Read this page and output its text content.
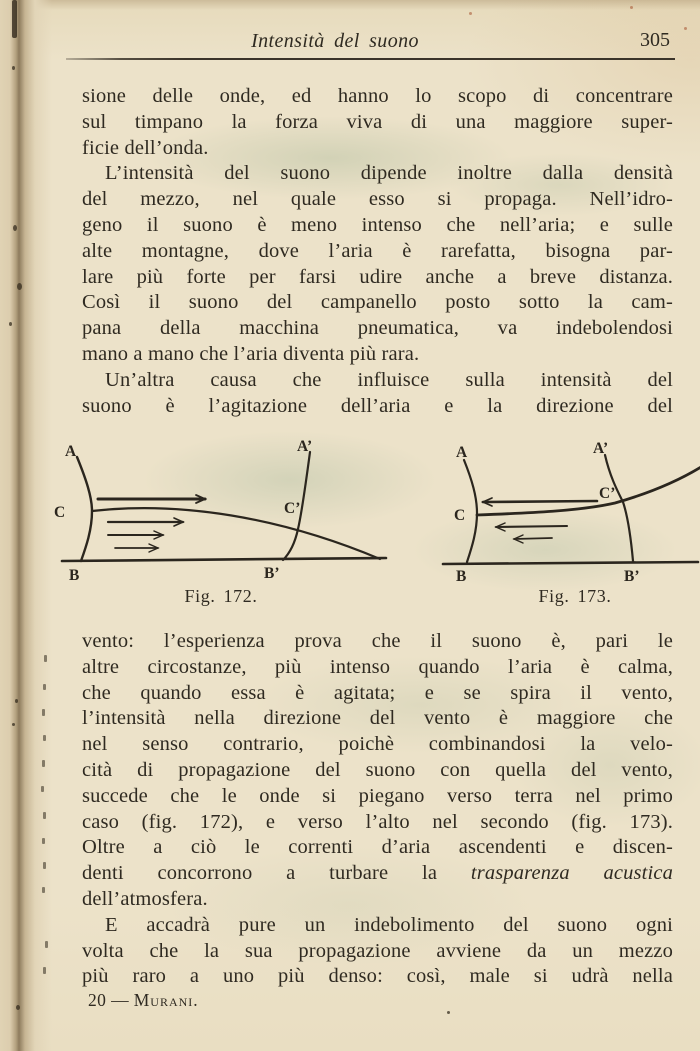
Intensità del suono	305
sione delle onde, ed hanno lo scopo di concentrare
sul timpano la forza viva di una maggiore super-
ficie dell’onda.
L’intensità del suono dipende inoltre dalla densità
del mezzo, nel quale esso si propaga. Nell’idro-
geno il suono è meno intenso che nell’aria; e sulle
alte montagne, dove l’aria è rarefatta, bisogna par-
lare più forte per farsi udire anche a breve distanza.
Così il suono del campanello posto sotto la cam-
pana della macchina pneumatica, va indebolendosi
mano a mano che l’aria diventa più rara.
Un’altra causa che influisce sulla intensità del
suono è l’agitazione dell’aria e la direzione del
vento: l’esperienza prova che il suono è, pari le
altre circostanze, più intenso quando l’aria è calma,
che quando essa è agitata; e se spira il vento,
l’intensità nella direzione del vento è maggiore che
nel senso contrario, poichè combinandosi la velo-
cità di propagazione del suono con quella del vento,
succede che le onde si piegano verso terra nel primo
caso (fig. 172), e verso l’alto nel secondo (fig. 173).
Oltre a ciò le correnti d’aria ascendenti e discen-
denti concorrono a turbare la trasparenza acustica
dell’atmosfera.
E accadrà pure un indebolimento del suono ogni
volta che la sua propagazione avviene da un mezzo
più raro a uno più denso: così, male si udrà nella
A	A’
C	C’
B	B’
Fig. 172.
A	A’
C
C’
B	B’
Fig. 173.
20 — Murani.
